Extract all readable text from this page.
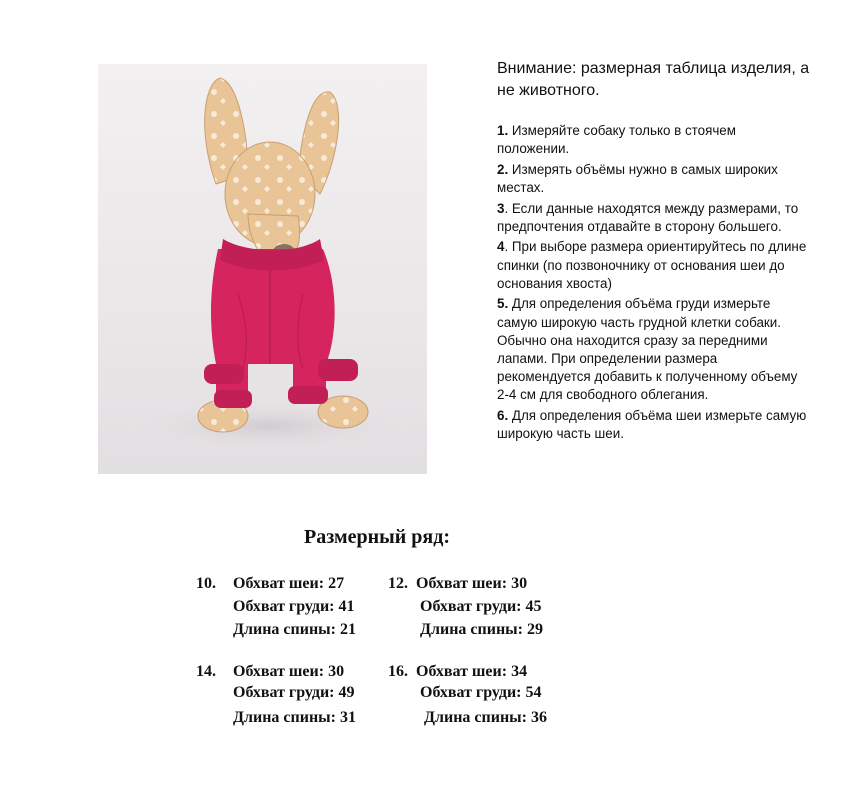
Внимание: размерная таблица изделия, а не животного.

1. Измеряйте собаку только в стоячем положении.

2. Измерять объёмы нужно в самых широких местах.

3. Если данные находятся между размерами, то предпочтения отдавайте в сторону большего.

4. При выборе размера ориентируйтесь по длине спинки (по позвоночнику от основания шеи до основания хвоста)

5. Для определения объёма груди измерьте самую широкую часть грудной клетки собаки. Обычно она находится сразу за передними лапами. При определении размера рекомендуется добавить к полученному объему 2-4 см для свободного облегания.

6. Для определения объёма шеи измерьте самую широкую часть шеи.

Размерный ряд:
10. Обхват шеи: 27
Обхват груди: 41
Длина спины: 21
12. Обхват шеи: 30
Обхват груди: 45
Длина спины: 29
14. Обхват шеи: 30
Обхват груди: 49
Длина спины: 31
16. Обхват шеи: 34
Обхват груди: 54
Длина спины: 36
